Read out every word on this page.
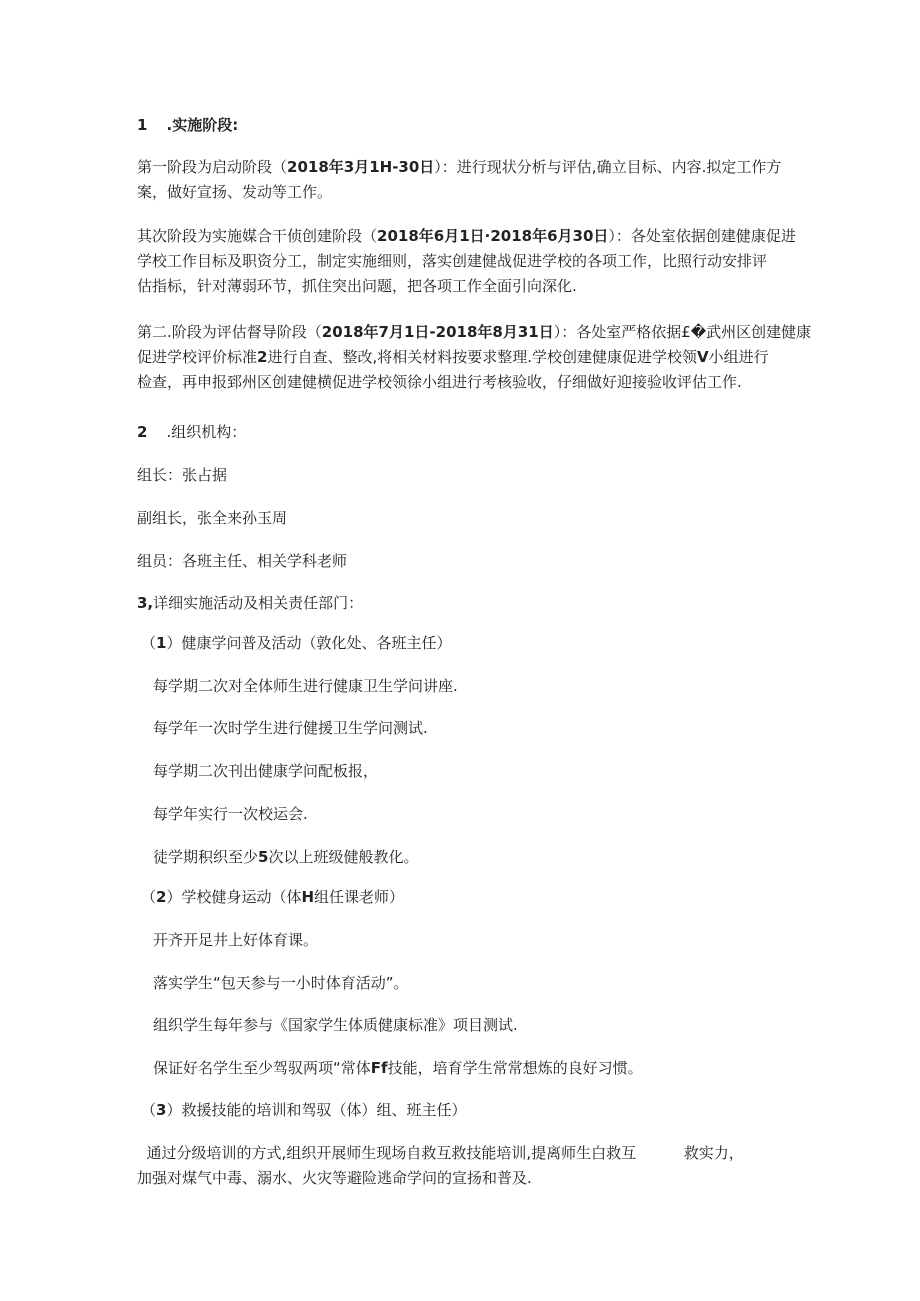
1 .实施阶段:

第一阶段为启动阶段（2018年3月1H-30日）：进行现状分析与评估,确立目标、内容.拟定工作方
案，做好宣扬、发动等工作。

其次阶段为实施媒合干侦创建阶段（2018年6月1日·2018年6月30日）：各处室依据创建健康促进
学校工作目标及职资分工，制定实施细则，落实创建健战促进学校的各项工作，比照行动安排评
估指标，针对薄弱环节，抓住突出问题，把各项工作全面引向深化.

第二.阶段为评估督导阶段（2018年7月1日-2018年8月31日）：各处室严格依据£�武州区创建健康
促进学校评价标准2进行自查、整改,将相关材料按要求整理.学校创建健康促进学校领V小组进行
检查，再申报郅州区创建健横促进学校领徐小组进行考核验收，仔细做好迎接验收评估工作.

2 .组织机构：

组长：张占据

副组长，张全来孙玉周

组员：各班主任、相关学科老师

3,详细实施活动及相关责任部门：

（1）健康学问普及活动（敦化处、各班主任）

每学期二次对全体师生进行健康卫生学问讲座.

每学年一次时学生进行健援卫生学问测试.

每学期二次刊出健康学问配板报，

每学年实行一次校运会.

徒学期积织至少5次以上班级健般教化。

（2）学校健身运动（体H组任课老师）

开齐开足井上好体育课。

落实学生“包天参与一小时体育活动”。

组织学生每年参与《国家学生体质健康标准》项目测试.

保证好名学生至少驾驭两项“常体Ff技能，培育学生常常想炼的良好习惯。

（3）救援技能的培训和驾驭（体）组、班主任）

通过分级培训的方式,组织开展师生现场自救互救技能培训,提离师生白救互	救实力，
加强对煤气中毒、溺水、火灾等避险逃命学问的宣扬和普及.
